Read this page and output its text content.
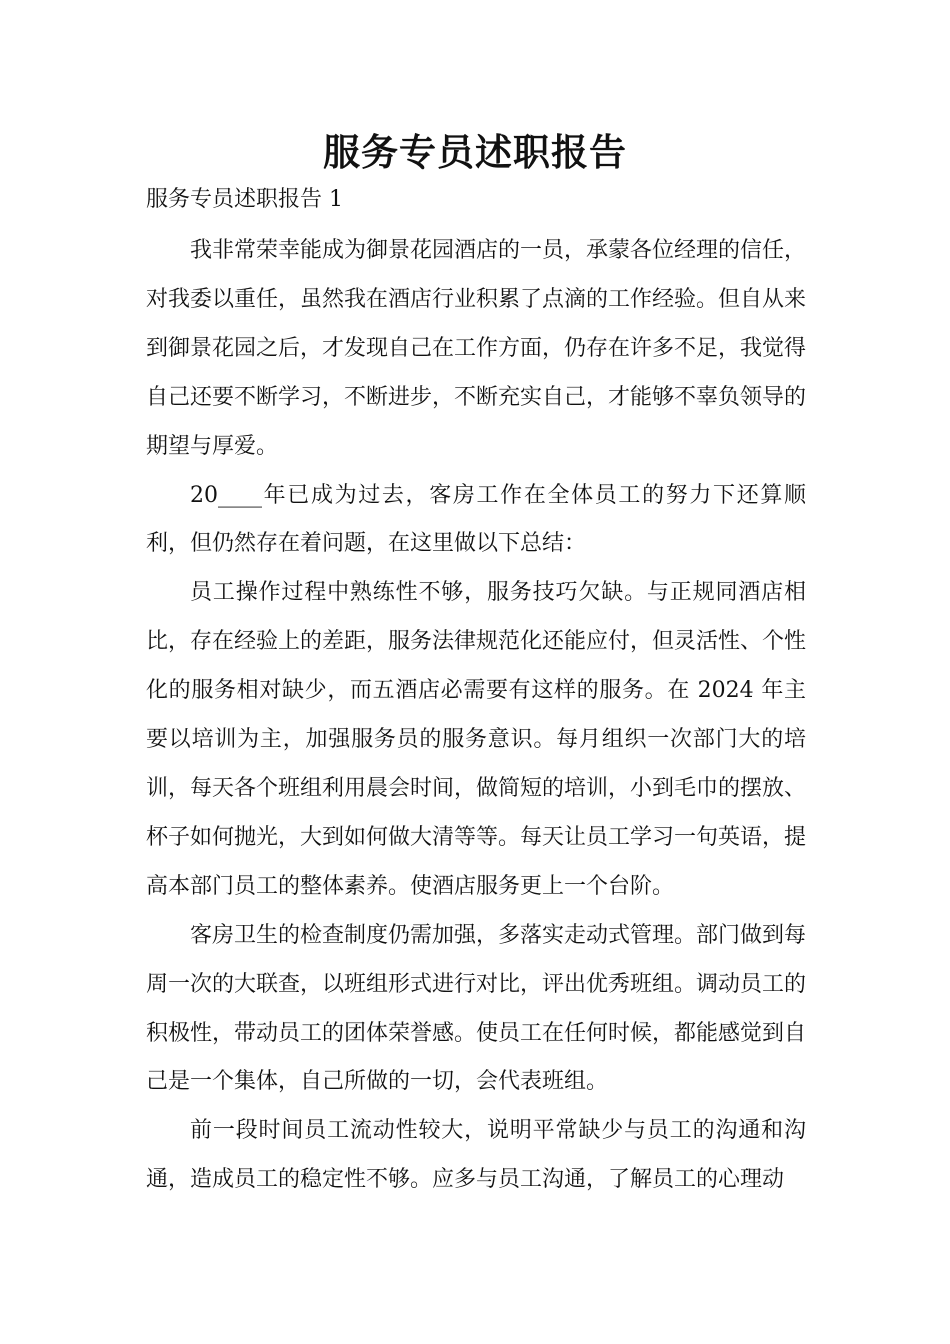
服务专员述职报告

服务专员述职报告 1

我非常荣幸能成为御景花园酒店的一员，承蒙各位经理的信任，对我委以重任，虽然我在酒店行业积累了点滴的工作经验。但自从来到御景花园之后，才发现自己在工作方面，仍存在许多不足，我觉得自己还要不断学习，不断进步，不断充实自己，才能够不辜负领导的期望与厚爱。

20____年已成为过去，客房工作在全体员工的努力下还算顺利，但仍然存在着问题，在这里做以下总结：

员工操作过程中熟练性不够，服务技巧欠缺。与正规同酒店相比，存在经验上的差距，服务法律规范化还能应付，但灵活性、个性化的服务相对缺少，而五酒店必需要有这样的服务。在 2024 年主要以培训为主，加强服务员的服务意识。每月组织一次部门大的培训，每天各个班组利用晨会时间，做简短的培训，小到毛巾的摆放、杯子如何抛光，大到如何做大清等等。每天让员工学习一句英语，提高本部门员工的整体素养。使酒店服务更上一个台阶。

客房卫生的检查制度仍需加强，多落实走动式管理。部门做到每周一次的大联查，以班组形式进行对比，评出优秀班组。调动员工的积极性，带动员工的团体荣誉感。使员工在任何时候，都能感觉到自己是一个集体，自己所做的一切，会代表班组。

前一段时间员工流动性较大，说明平常缺少与员工的沟通和沟通，造成员工的稳定性不够。应多与员工沟通，了解员工的心理动
